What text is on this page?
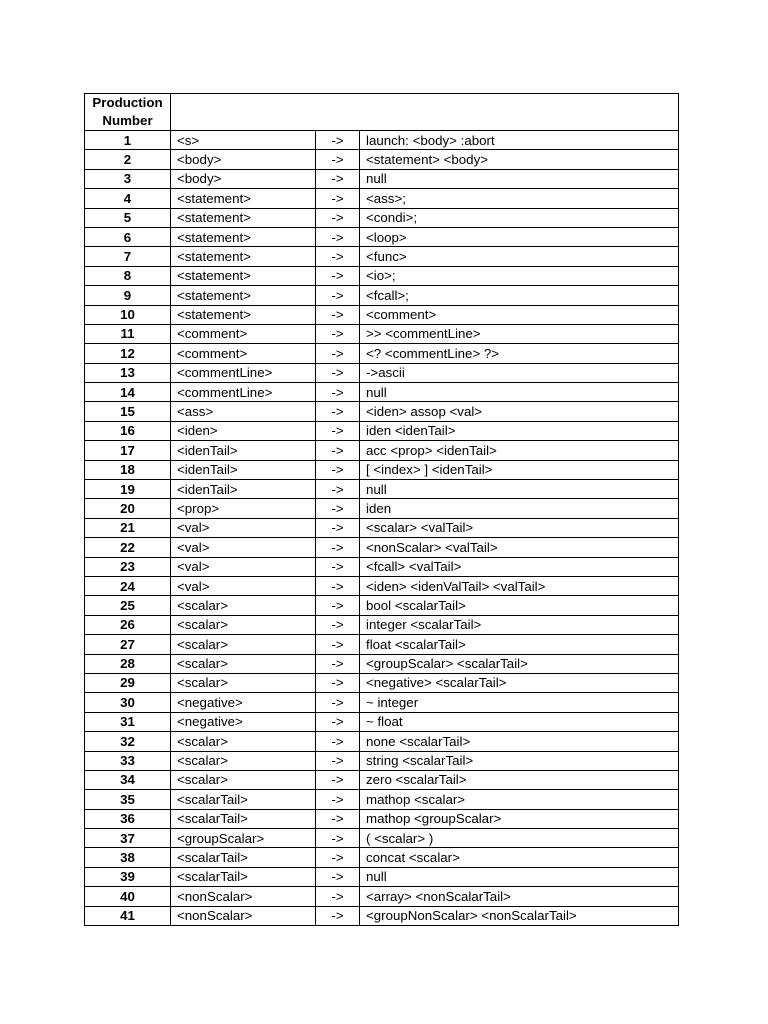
Production
Number			
1	<s>	->	launch: <body> :abort
2	<body>	->	<statement> <body>
3	<body>	->	null
4	<statement>	->	<ass>;
5	<statement>	->	<condi>;
6	<statement>	->	<loop>
7	<statement>	->	<func>
8	<statement>	->	<io>;
9	<statement>	->	<fcall>;
10	<statement>	->	<comment>
11	<comment>	->	>> <commentLine>
12	<comment>	->	<? <commentLine> ?>
13	<commentLine>	->	->ascii
14	<commentLine>	->	null
15	<ass>	->	<iden> assop <val>
16	<iden>	->	iden <idenTail>
17	<idenTail>	->	acc <prop> <idenTail>
18	<idenTail>	->	[ <index> ] <idenTail>
19	<idenTail>	->	null
20	<prop>	->	iden
21	<val>	->	<scalar> <valTail>
22	<val>	->	<nonScalar> <valTail>
23	<val>	->	<fcall> <valTail>
24	<val>	->	<iden> <idenValTail> <valTail>
25	<scalar>	->	bool <scalarTail>
26	<scalar>	->	integer <scalarTail>
27	<scalar>	->	float <scalarTail>
28	<scalar>	->	<groupScalar> <scalarTail>
29	<scalar>	->	<negative> <scalarTail>
30	<negative>	->	~ integer
31	<negative>	->	~ float
32	<scalar>	->	none <scalarTail>
33	<scalar>	->	string <scalarTail>
34	<scalar>	->	zero <scalarTail>
35	<scalarTail>	->	mathop <scalar>
36	<scalarTail>	->	mathop <groupScalar>
37	<groupScalar>	->	( <scalar> )
38	<scalarTail>	->	concat <scalar>
39	<scalarTail>	->	null
40	<nonScalar>	->	<array> <nonScalarTail>
41	<nonScalar>	->	<groupNonScalar> <nonScalarTail>
